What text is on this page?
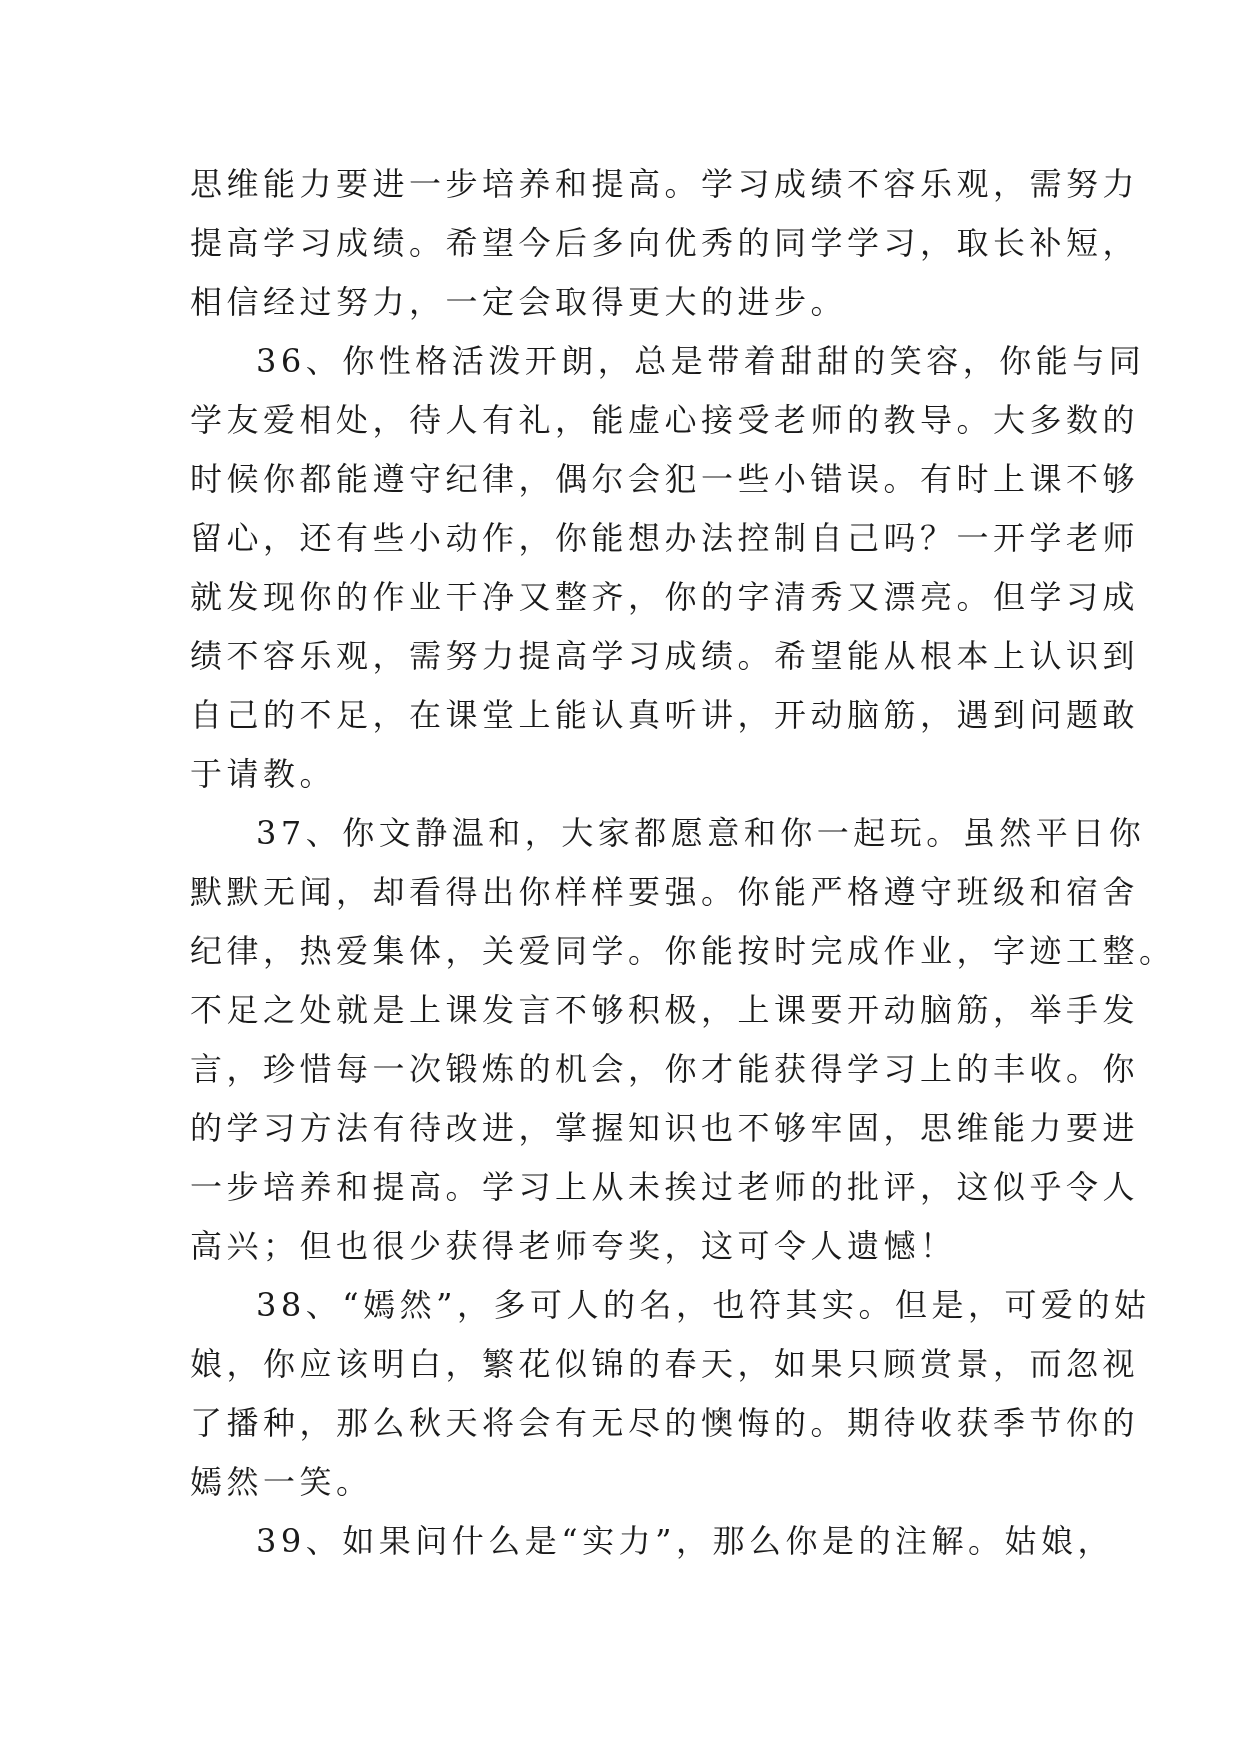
思维能力要进一步培养和提高。学习成绩不容乐观，需努力
提高学习成绩。希望今后多向优秀的同学学习，取长补短，
相信经过努力，一定会取得更大的进步。
36、你性格活泼开朗，总是带着甜甜的笑容，你能与同
学友爱相处，待人有礼，能虚心接受老师的教导。大多数的
时候你都能遵守纪律，偶尔会犯一些小错误。有时上课不够
留心，还有些小动作，你能想办法控制自己吗？一开学老师
就发现你的作业干净又整齐，你的字清秀又漂亮。但学习成
绩不容乐观，需努力提高学习成绩。希望能从根本上认识到
自己的不足，在课堂上能认真听讲，开动脑筋，遇到问题敢
于请教。
37、你文静温和，大家都愿意和你一起玩。虽然平日你
默默无闻，却看得出你样样要强。你能严格遵守班级和宿舍
纪律，热爱集体，关爱同学。你能按时完成作业，字迹工整。
不足之处就是上课发言不够积极，上课要开动脑筋，举手发
言，珍惜每一次锻炼的机会，你才能获得学习上的丰收。你
的学习方法有待改进，掌握知识也不够牢固，思维能力要进
一步培养和提高。学习上从未挨过老师的批评，这似乎令人
高兴；但也很少获得老师夸奖，这可令人遗憾！
38、“嫣然”，多可人的名，也符其实。但是，可爱的姑
娘，你应该明白，繁花似锦的春天，如果只顾赏景，而忽视
了播种，那么秋天将会有无尽的懊悔的。期待收获季节你的
嫣然一笑。
39、如果问什么是“实力”，那么你是的注解。姑娘，
